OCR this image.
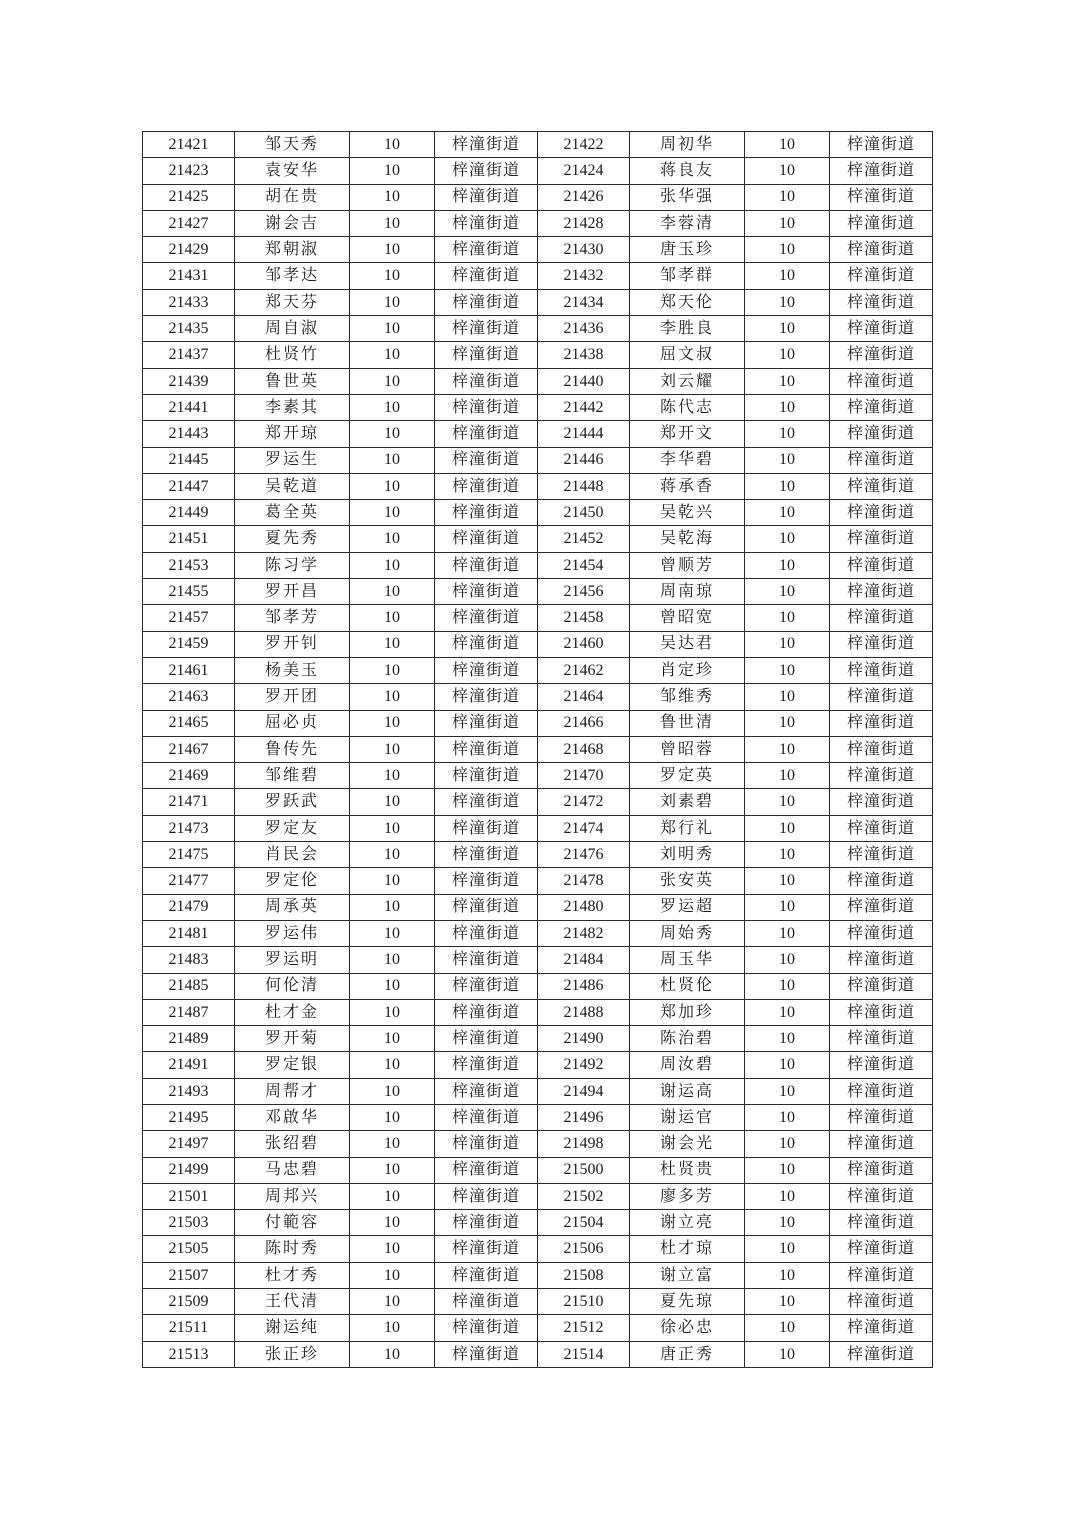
21421	邹天秀	10	梓潼街道	21422	周初华	10	梓潼街道
21423	袁安华	10	梓潼街道	21424	蒋良友	10	梓潼街道
21425	胡在贵	10	梓潼街道	21426	张华强	10	梓潼街道
21427	谢会吉	10	梓潼街道	21428	李蓉清	10	梓潼街道
21429	郑朝淑	10	梓潼街道	21430	唐玉珍	10	梓潼街道
21431	邹孝达	10	梓潼街道	21432	邹孝群	10	梓潼街道
21433	郑天芬	10	梓潼街道	21434	郑天伦	10	梓潼街道
21435	周自淑	10	梓潼街道	21436	李胜良	10	梓潼街道
21437	杜贤竹	10	梓潼街道	21438	屈文叔	10	梓潼街道
21439	鲁世英	10	梓潼街道	21440	刘云耀	10	梓潼街道
21441	李素其	10	梓潼街道	21442	陈代志	10	梓潼街道
21443	郑开琼	10	梓潼街道	21444	郑开文	10	梓潼街道
21445	罗运生	10	梓潼街道	21446	李华碧	10	梓潼街道
21447	吴乾道	10	梓潼街道	21448	蒋承香	10	梓潼街道
21449	葛全英	10	梓潼街道	21450	吴乾兴	10	梓潼街道
21451	夏先秀	10	梓潼街道	21452	吴乾海	10	梓潼街道
21453	陈习学	10	梓潼街道	21454	曾顺芳	10	梓潼街道
21455	罗开昌	10	梓潼街道	21456	周南琼	10	梓潼街道
21457	邹孝芳	10	梓潼街道	21458	曾昭宽	10	梓潼街道
21459	罗开钊	10	梓潼街道	21460	吴达君	10	梓潼街道
21461	杨美玉	10	梓潼街道	21462	肖定珍	10	梓潼街道
21463	罗开团	10	梓潼街道	21464	邹维秀	10	梓潼街道
21465	屈必贞	10	梓潼街道	21466	鲁世清	10	梓潼街道
21467	鲁传先	10	梓潼街道	21468	曾昭蓉	10	梓潼街道
21469	邹维碧	10	梓潼街道	21470	罗定英	10	梓潼街道
21471	罗跃武	10	梓潼街道	21472	刘素碧	10	梓潼街道
21473	罗定友	10	梓潼街道	21474	郑行礼	10	梓潼街道
21475	肖民会	10	梓潼街道	21476	刘明秀	10	梓潼街道
21477	罗定伦	10	梓潼街道	21478	张安英	10	梓潼街道
21479	周承英	10	梓潼街道	21480	罗运超	10	梓潼街道
21481	罗运伟	10	梓潼街道	21482	周始秀	10	梓潼街道
21483	罗运明	10	梓潼街道	21484	周玉华	10	梓潼街道
21485	何伦清	10	梓潼街道	21486	杜贤伦	10	梓潼街道
21487	杜才金	10	梓潼街道	21488	郑加珍	10	梓潼街道
21489	罗开菊	10	梓潼街道	21490	陈治碧	10	梓潼街道
21491	罗定银	10	梓潼街道	21492	周汝碧	10	梓潼街道
21493	周帮才	10	梓潼街道	21494	谢运高	10	梓潼街道
21495	邓啟华	10	梓潼街道	21496	谢运官	10	梓潼街道
21497	张绍碧	10	梓潼街道	21498	谢会光	10	梓潼街道
21499	马忠碧	10	梓潼街道	21500	杜贤贵	10	梓潼街道
21501	周邦兴	10	梓潼街道	21502	廖多芳	10	梓潼街道
21503	付範容	10	梓潼街道	21504	谢立亮	10	梓潼街道
21505	陈时秀	10	梓潼街道	21506	杜才琼	10	梓潼街道
21507	杜才秀	10	梓潼街道	21508	谢立富	10	梓潼街道
21509	王代清	10	梓潼街道	21510	夏先琼	10	梓潼街道
21511	谢运纯	10	梓潼街道	21512	徐必忠	10	梓潼街道
21513	张正珍	10	梓潼街道	21514	唐正秀	10	梓潼街道
